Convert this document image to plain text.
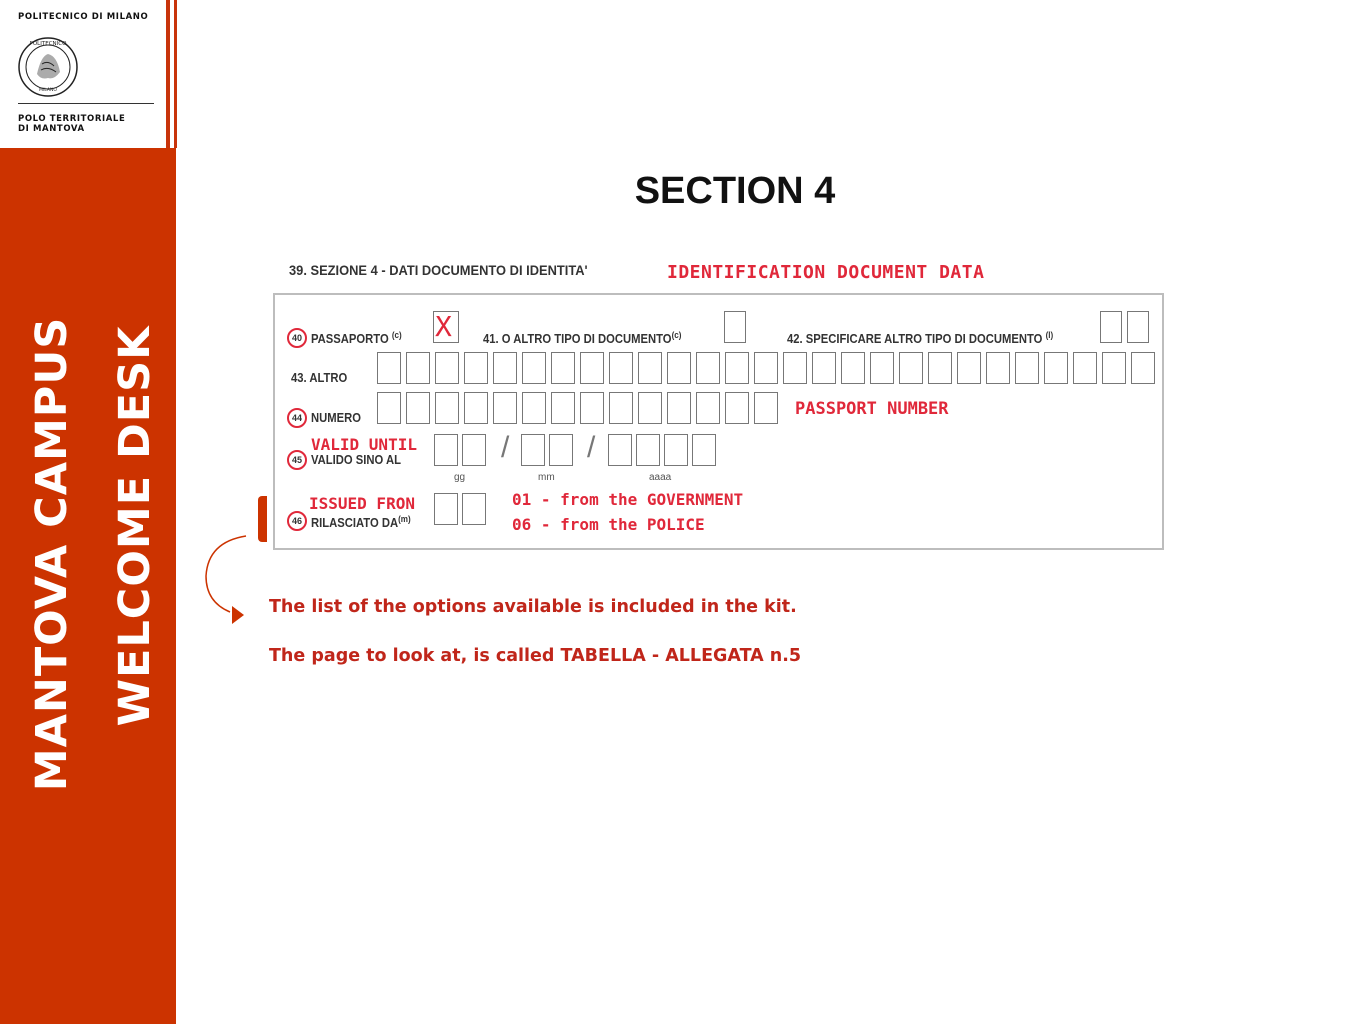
POLITECNICO DI MILANO
POLITECNICO
MILANO
POLO TERRITORIALE
DI MANTOVA
MANTOVA CAMPUS WELCOME DESK
SECTION 4
39. SEZIONE 4 - DATI DOCUMENTO DI IDENTITA'	IDENTIFICATION DOCUMENT DATA
40 PASSAPORTO $^{(c)}$ X 41. O ALTRO TIPO DI DOCUMENTO$^{(c)}$	42. SPECIFICARE ALTRO TIPO DI DOCUMENTO $^{(l)}$
43. ALTRO
44 NUMERO	PASSPORT NUMBER
VALID UNTIL
45 VALIDO SINO AL	/	/
gg	mm	aaaa
ISSUED FRON
46 RILASCIATO DA$^{(m)}$
01 - from the GOVERNMENT
06 - from the POLICE
The list of the options available is included in the kit.
The page to look at, is called TABELLA - ALLEGATA n.5
